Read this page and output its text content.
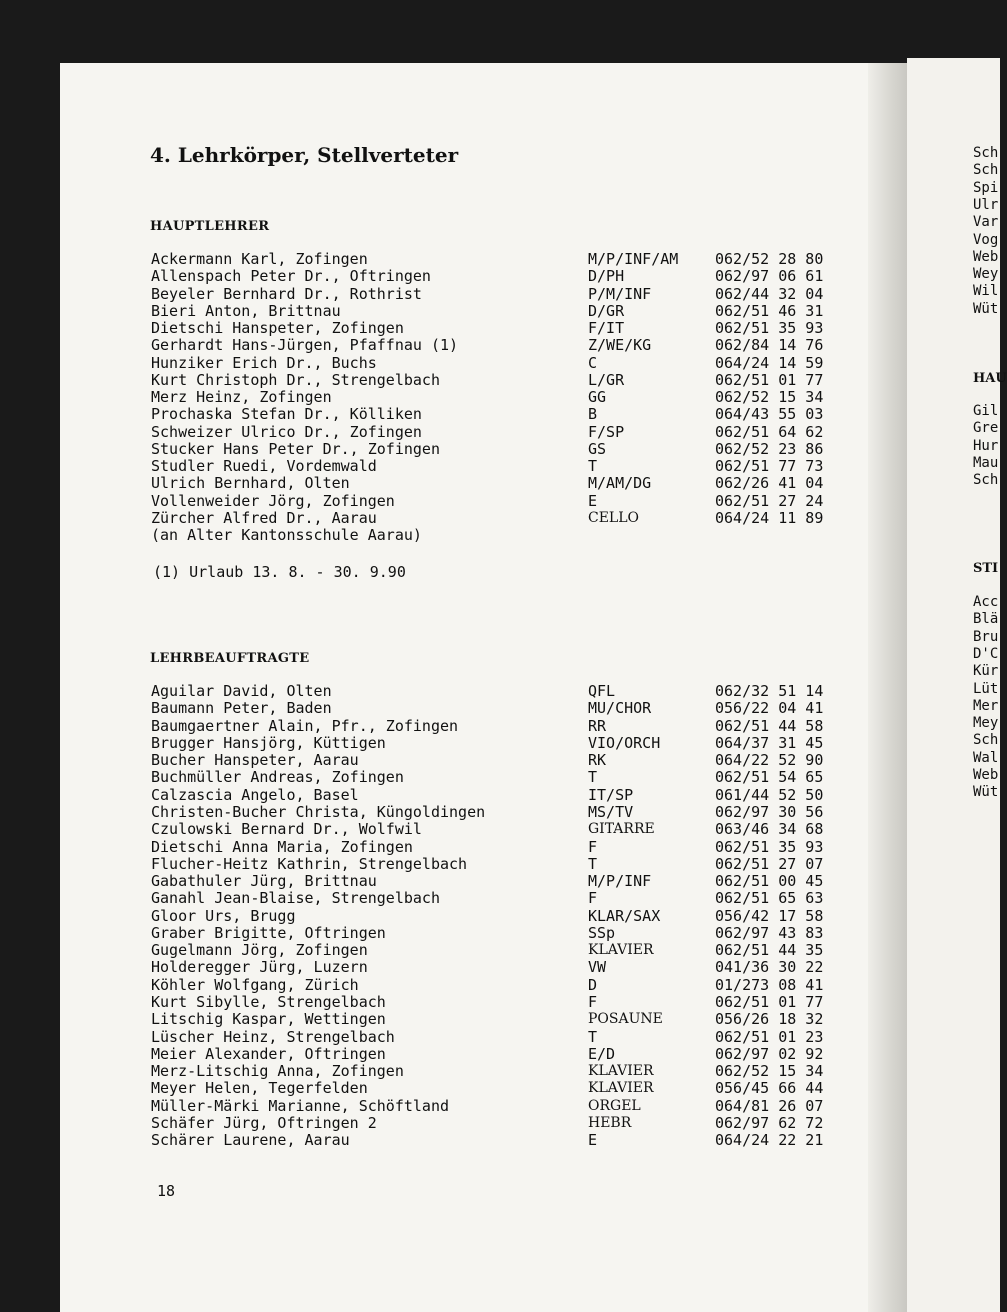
4. Lehrkörper, Stellverteter
HAUPTLEHRER
Ackermann Karl, Zofingen	M/P/INF/AM 062/52 28 80
Allenspach Peter Dr., Oftringen	D/PH	062/97 06 61
Beyeler Bernhard Dr., Rothrist	P/M/INF	062/44 32 04
Bieri Anton, Brittnau	D/GR	062/51 46 31
Dietschi Hanspeter, Zofingen	F/IT	062/51 35 93
Gerhardt Hans-Jürgen, Pfaffnau (1)	Z/WE/KG	062/84 14 76
Hunziker Erich Dr., Buchs	C	064/24 14 59
Kurt Christoph Dr., Strengelbach	L/GR	062/51 01 77
Merz Heinz, Zofingen	GG	062/52 15 34
Prochaska Stefan Dr., Kölliken	B	064/43 55 03
Schweizer Ulrico Dr., Zofingen	F/SP	062/51 64 62
Stucker Hans Peter Dr., Zofingen	GS	062/52 23 86
Studler Ruedi, Vordemwald	T	062/51 77 73
Ulrich Bernhard, Olten	M/AM/DG	062/26 41 04
Vollenweider Jörg, Zofingen	E	062/51 27 24
Zürcher Alfred Dr., Aarau	CELLO	064/24 11 89
(an Alter Kantonsschule Aarau)
(1) Urlaub 13. 8. - 30. 9.90
LEHRBEAUFTRAGTE
Aguilar David, Olten	QFL	062/32 51 14
Baumann Peter, Baden	MU/CHOR	056/22 04 41
Baumgaertner Alain, Pfr., Zofingen	RR	062/51 44 58
Brugger Hansjörg, Küttigen	VIO/ORCH	064/37 31 45
Bucher Hanspeter, Aarau	RK	064/22 52 90
Buchmüller Andreas, Zofingen	T	062/51 54 65
Calzascia Angelo, Basel	IT/SP	061/44 52 50
Christen-Bucher Christa, Küngoldingen	MS/TV	062/97 30 56
Czulowski Bernard Dr., Wolfwil	GITARRE	063/46 34 68
Dietschi Anna Maria, Zofingen	F	062/51 35 93
Flucher-Heitz Kathrin, Strengelbach	T	062/51 27 07
Gabathuler Jürg, Brittnau	M/P/INF	062/51 00 45
Ganahl Jean-Blaise, Strengelbach	F	062/51 65 63
Gloor Urs, Brugg	KLAR/SAX	056/42 17 58
Graber Brigitte, Oftringen	SSp	062/97 43 83
Gugelmann Jörg, Zofingen	KLAVIER	062/51 44 35
Holderegger Jürg, Luzern	VW	041/36 30 22
Köhler Wolfgang, Zürich	D	01/273 08 41
Kurt Sibylle, Strengelbach	F	062/51 01 77
Litschig Kaspar, Wettingen	POSAUNE	056/26 18 32
Lüscher Heinz, Strengelbach	T	062/51 01 23
Meier Alexander, Oftringen	E/D	062/97 02 92
Merz-Litschig Anna, Zofingen	KLAVIER	062/52 15 34
Meyer Helen, Tegerfelden	KLAVIER	056/45 66 44
Müller-Märki Marianne, Schöftland	ORGEL	064/81 26 07
Schäfer Jürg, Oftringen 2	HEBR	062/97 62 72
Schärer Laurene, Aarau	E	064/24 22 21
18
Sch
Sch
Spi
Ulr
Var
Vog
Web
Wey
Wil
Wüt
HAU
Gil
Gre
Hur
Mau
Sch
STI
Acc
Blä
Bru
D'C
Kür
Lüt
Mer
Mey
Sch
Wal
Web
Wüt
